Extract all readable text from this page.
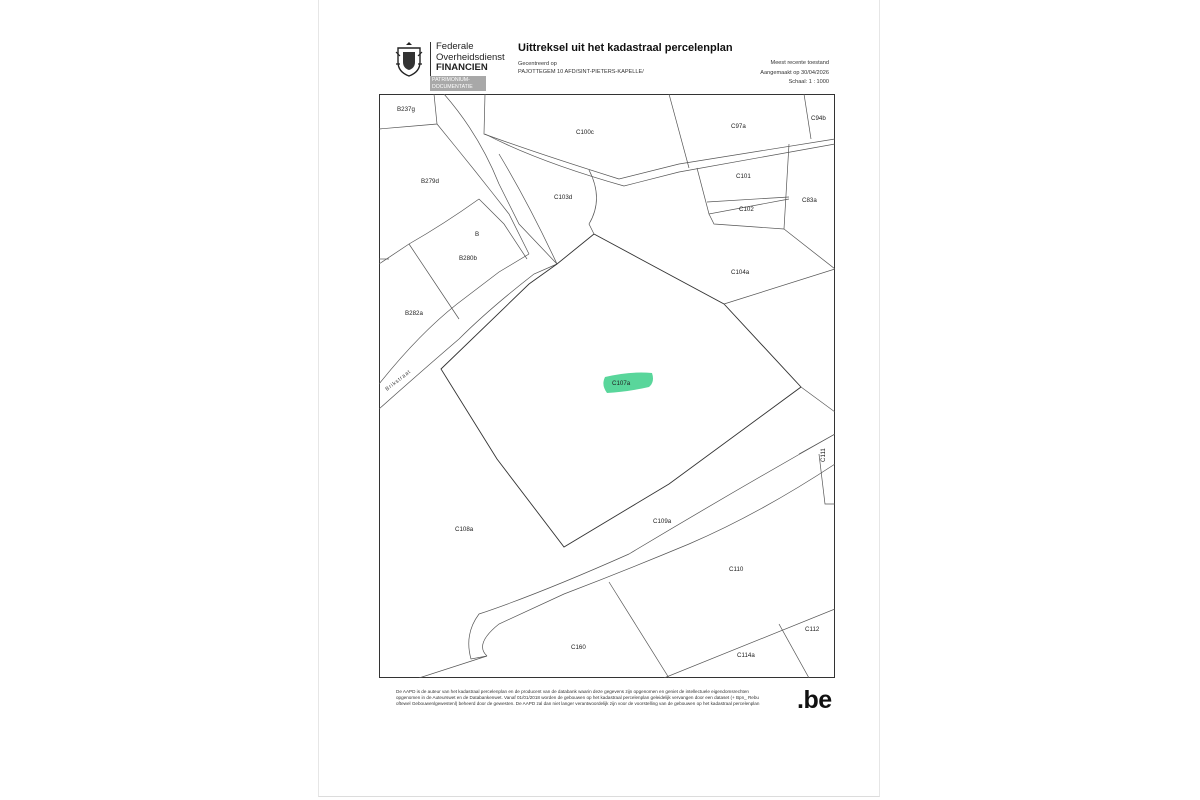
Federale
Overheidsdienst
FINANCIEN
PATRIMONIUM-
DOCUMENTATIE
Uittreksel uit het kadastraal percelenplan
Gecentreerd op
PAJOTTEGEM 10 AFD/SINT-PIETERS-KAPELLE/
Meest recente toestand
Aangemaakt op 30/04/2026
Schaal: 1 : 1000
B237g
C100c
C97a
C94b
B279d
C101
C103d
C102
C83a
B
B280b
C104a
B282a
C107a
C111
C109a
C108a
C110
C112
C160
C114a
Brikstraat
De AAPD is de auteur van het kadastraal percelenplan en de producent van de databank waarin deze gegevens zijn opgenomen en geniet de intellectuele eigendomsrechten opgenomen in de Auteurswet en de Databankenwet. Vanaf 01/01/2018 worden de gebouwen op het kadastraal percelenplan geleidelijk vervangen door een dataset (+ Bpn_ Rebu oftewel Gebouwenlgewestenl) beheerd door de gewesten. De AAPD zal dan niet langer verantwoordelijk zijn voor de voorstelling van de gebouwen op het kadastraal percelenplan	.be
